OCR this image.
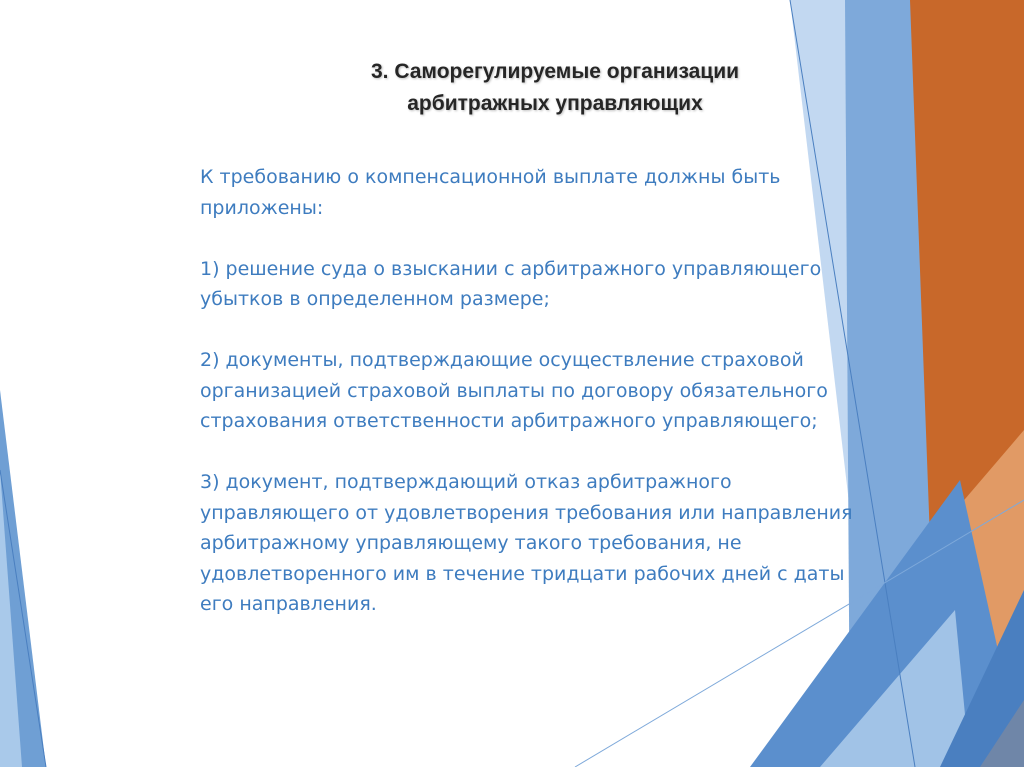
3. Саморегулируемые организации
арбитражных управляющих

К требованию о компенсационной выплате должны быть
приложены:

1) решение суда о взыскании с арбитражного управляющего
убытков в определенном размере;

2) документы, подтверждающие осуществление страховой
организацией страховой выплаты по договору обязательного
страхования ответственности арбитражного управляющего;

3) документ, подтверждающий отказ арбитражного
управляющего от удовлетворения требования или направления
арбитражному управляющему такого требования, не
удовлетворенного им в течение тридцати рабочих дней с даты
его направления.
